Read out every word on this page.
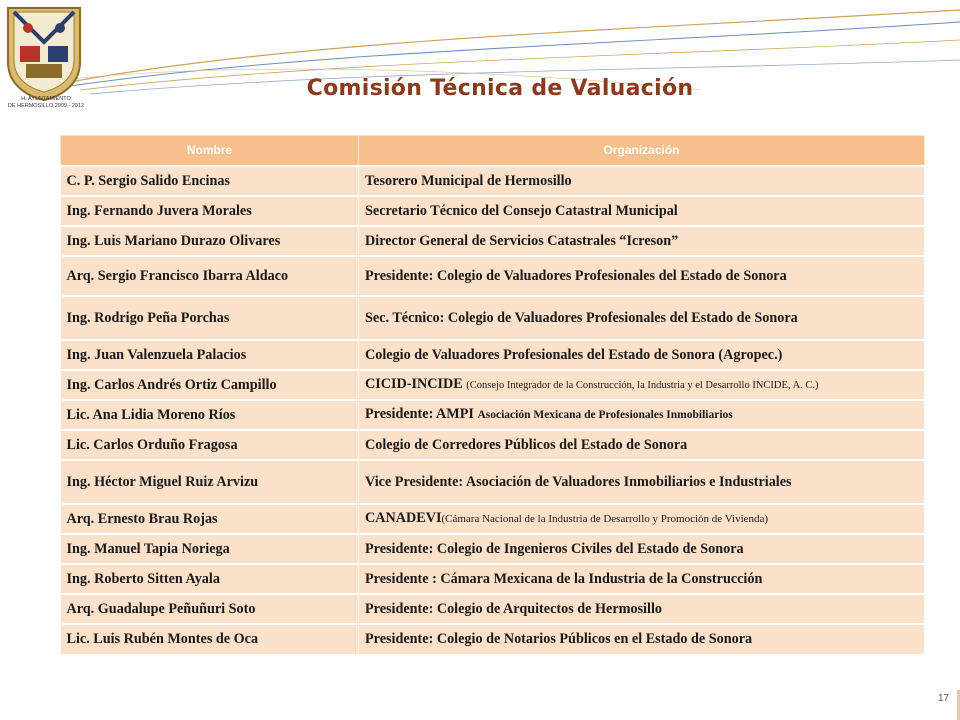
H. AYUNTAMIENTO
DE HERMOSILLO 2009 - 2012
Comisión Técnica de Valuación
Nombre	Organización
C. P. Sergio Salido Encinas	Tesorero Municipal de Hermosillo
Ing. Fernando Juvera Morales	Secretario Técnico del Consejo Catastral Municipal
Ing. Luis Mariano Durazo Olivares	Director General de Servicios Catastrales “Icreson”
Arq. Sergio Francisco Ibarra Aldaco	Presidente: Colegio de Valuadores Profesionales del Estado de Sonora
Ing. Rodrigo Peña Porchas	Sec. Técnico: Colegio de Valuadores Profesionales del Estado de Sonora
Ing. Juan Valenzuela Palacios	Colegio de Valuadores Profesionales del Estado de Sonora (Agropec.)
Ing. Carlos Andrés Ortiz Campillo	CICID-INCIDE (Consejo Integrador de la Construcción, la Industria y el Desarrollo INCIDE, A. C.)
Lic. Ana Lidia Moreno Ríos	Presidente: AMPI Asociación Mexicana de Profesionales Inmobiliarios
Lic. Carlos Orduño Fragosa	Colegio de Corredores Públicos del Estado de Sonora
Ing. Héctor Miguel Ruiz Arvizu	Vice Presidente: Asociación de Valuadores Inmobiliarios e Industriales
Arq. Ernesto Brau Rojas	CANADEVI(Cámara Nacional de la Industria de Desarrollo y Promoción de Vivienda)
Ing. Manuel Tapia Noriega	Presidente: Colegio de Ingenieros Civiles del Estado de Sonora
Ing. Roberto Sitten Ayala	Presidente : Cámara Mexicana de la Industria de la Construcción
Arq. Guadalupe Peñuñuri Soto	Presidente: Colegio de Arquitectos de Hermosillo
Lic. Luis Rubén Montes de Oca	Presidente: Colegio de Notarios Públicos en el Estado de Sonora
17
